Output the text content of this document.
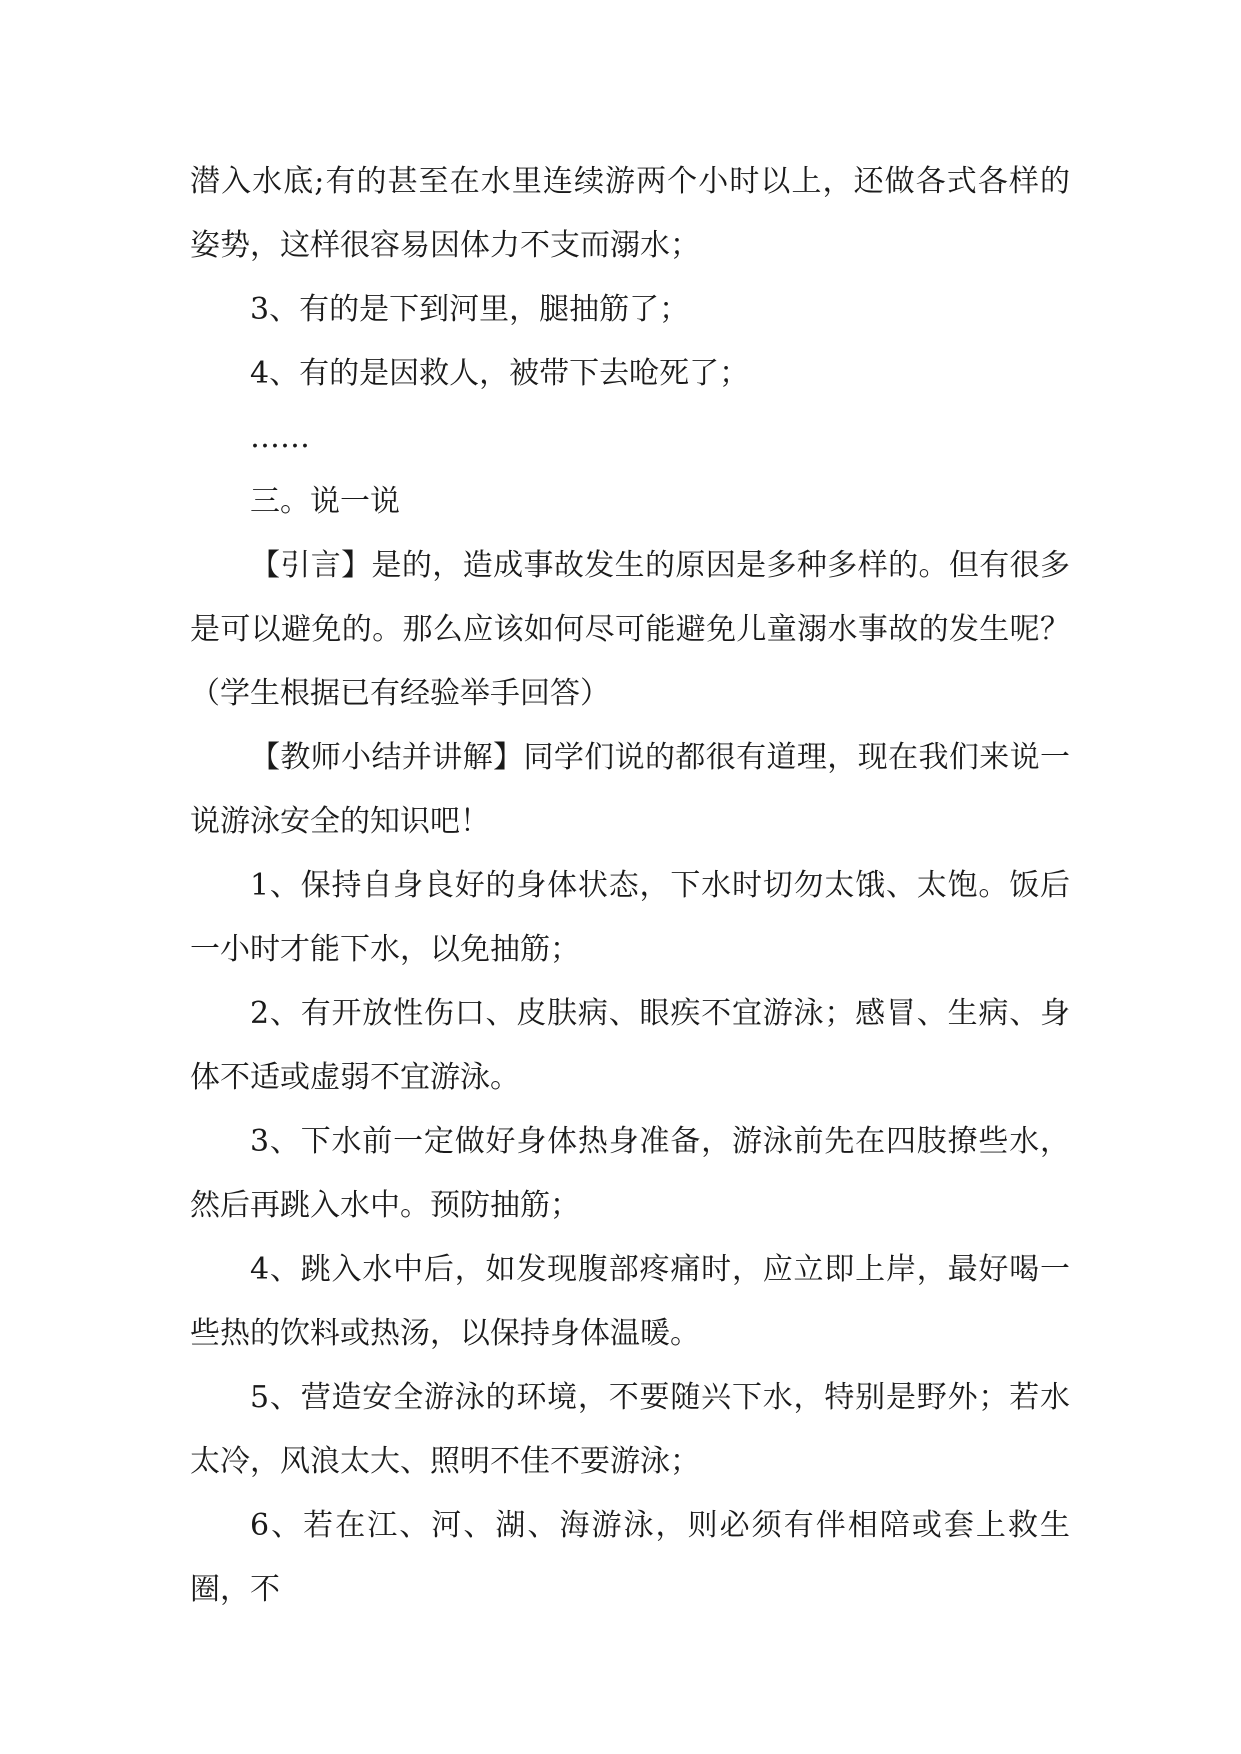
潜入水底;有的甚至在水里连续游两个小时以上，还做各式各样的姿势，这样很容易因体力不支而溺水；

3、有的是下到河里，腿抽筋了；

4、有的是因救人，被带下去呛死了；

……

三。说一说

【引言】是的，造成事故发生的原因是多种多样的。但有很多是可以避免的。那么应该如何尽可能避免儿童溺水事故的发生呢？（学生根据已有经验举手回答）

【教师小结并讲解】同学们说的都很有道理，现在我们来说一说游泳安全的知识吧！

1、保持自身良好的身体状态，下水时切勿太饿、太饱。饭后一小时才能下水，以免抽筋；

2、有开放性伤口、皮肤病、眼疾不宜游泳；感冒、生病、身体不适或虚弱不宜游泳。

3、下水前一定做好身体热身准备，游泳前先在四肢撩些水，然后再跳入水中。预防抽筋；

4、跳入水中后，如发现腹部疼痛时，应立即上岸，最好喝一些热的饮料或热汤，以保持身体温暖。

5、营造安全游泳的环境，不要随兴下水，特别是野外；若水太冷，风浪太大、照明不佳不要游泳；

6、若在江、河、湖、海游泳，则必须有伴相陪或套上救生圈，不
